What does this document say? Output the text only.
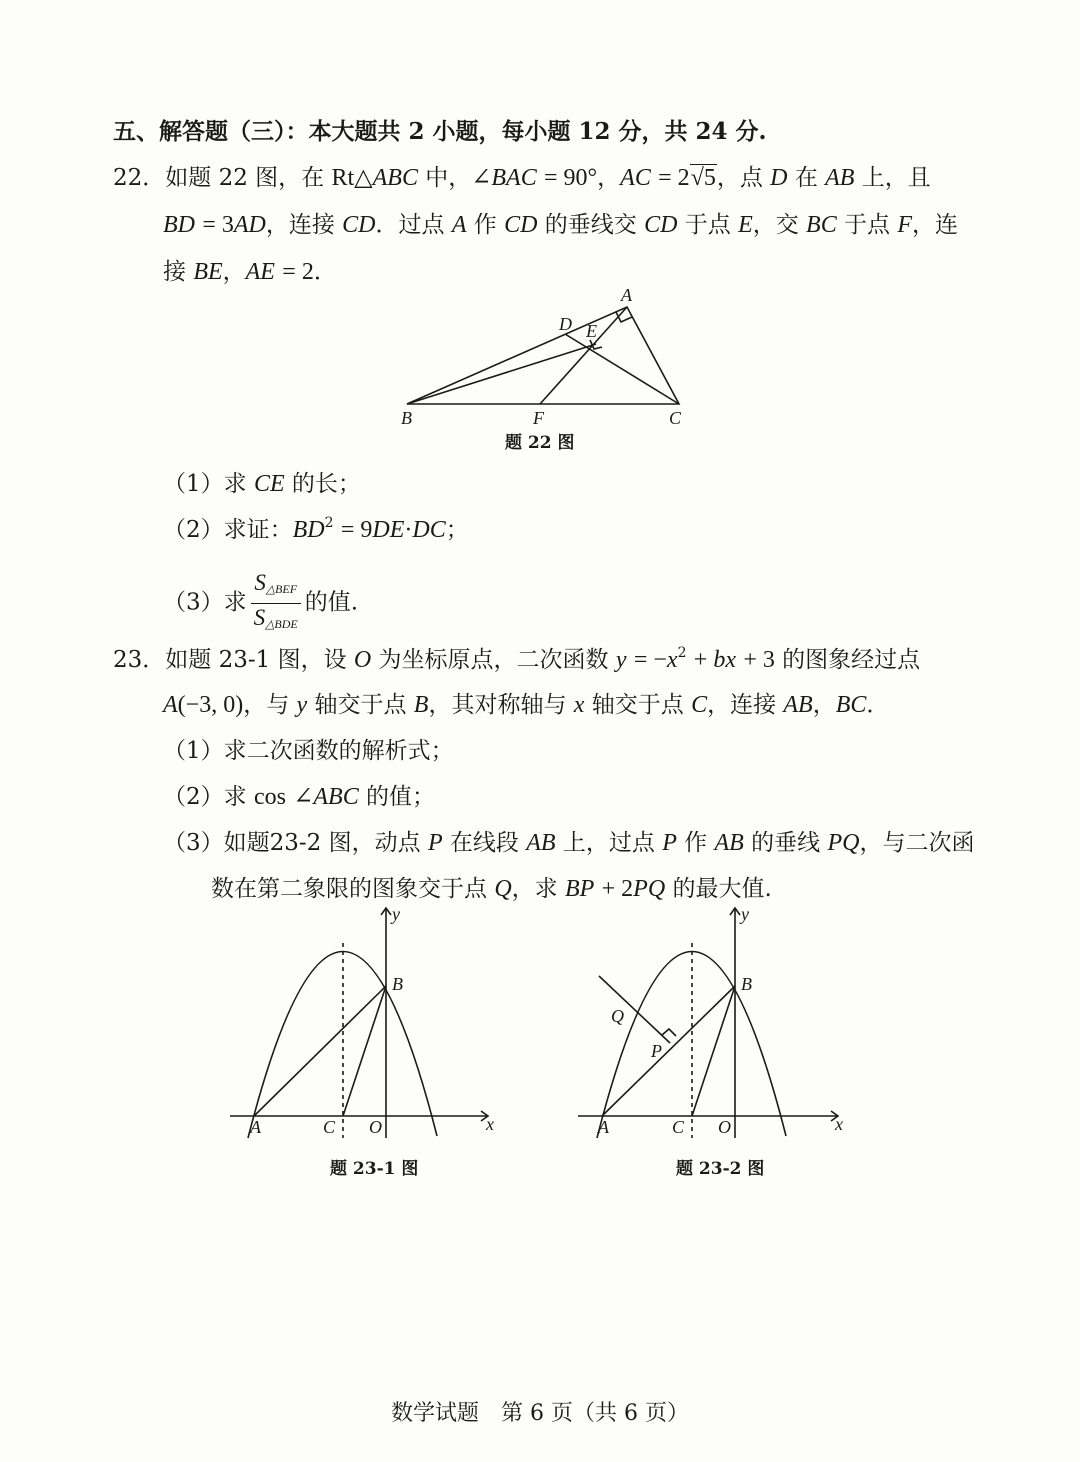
五、解答题（三）：本大题共 2 小题，每小题 12 分，共 24 分.
22．如题 22 图，在 Rt△ABC 中，∠BAC = 90°，AC = 2√5，点 D 在 AB 上，且
BD = 3AD，连接 CD．过点 A 作 CD 的垂线交 CD 于点 E，交 BC 于点 F，连
接 BE，AE = 2．
A
D E
B	F	C
题 22 图
（1）求 CE 的长；
（2）求证：$BD^2 = 9DE\cdot DC$；
（3）求 $\frac{S_{\triangle BEF}}{S_{\triangle BDE}}$ 的值.
23．如题 23-1 图，设 O 为坐标原点，二次函数 $y = -x^2$ + bx + 3 的图象经过点
A(−3, 0)，与 y 轴交于点 B，其对称轴与 x 轴交于点 C，连接 AB，BC．
（1）求二次函数的解析式；
（2）求 cos ∠ABC 的值；
（3）如题23-2 图，动点 P 在线段 AB 上，过点 P 作 AB 的垂线 PQ，与二次函
数在第二象限的图象交于点 Q，求 BP + 2PQ 的最大值.
A	C O	x
y
B
题 23-1 图
A	C O	x
y
B
Q
P
题 23-2 图
数学试题　第 6 页（共 6 页）
